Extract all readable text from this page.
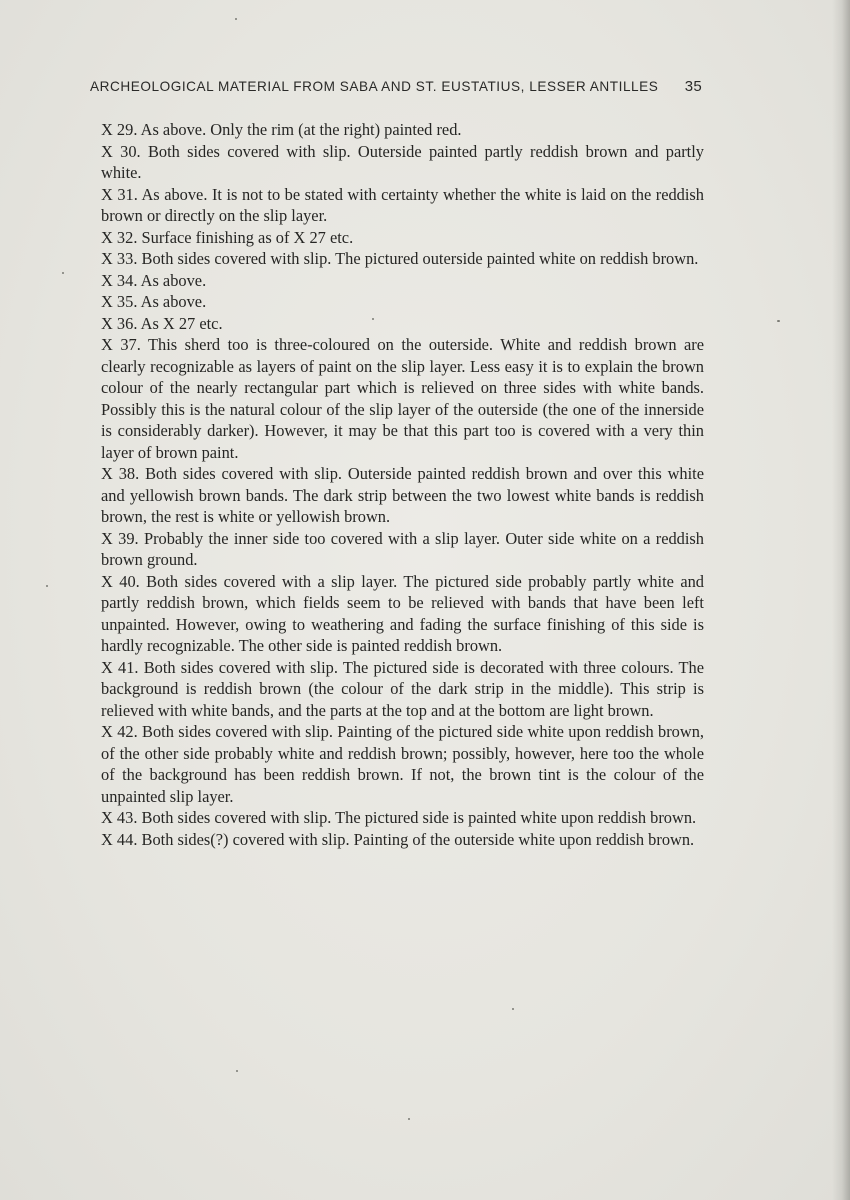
ARCHEOLOGICAL MATERIAL FROM SABA AND ST. EUSTATIUS, LESSER ANTILLES 35

X 29. As above. Only the rim (at the right) painted red.

X 30. Both sides covered with slip. Outerside painted partly reddish brown and partly white.

X 31. As above. It is not to be stated with certainty whether the white is laid on the reddish brown or directly on the slip layer.

X 32. Surface finishing as of X 27 etc.

X 33. Both sides covered with slip. The pictured outerside painted white on reddish brown.

X 34. As above.

X 35. As above.

X 36. As X 27 etc.

X 37. This sherd too is three-coloured on the outerside. White and reddish brown are clearly recognizable as layers of paint on the slip layer. Less easy it is to explain the brown colour of the nearly rectangular part which is relieved on three sides with white bands. Possibly this is the natural colour of the slip layer of the outerside (the one of the innerside is considerably darker). However, it may be that this part too is covered with a very thin layer of brown paint.

X 38. Both sides covered with slip. Outerside painted reddish brown and over this white and yellowish brown bands. The dark strip between the two lowest white bands is reddish brown, the rest is white or yellowish brown.

X 39. Probably the inner side too covered with a slip layer. Outer side white on a reddish brown ground.

X 40. Both sides covered with a slip layer. The pictured side probably partly white and partly reddish brown, which fields seem to be relieved with bands that have been left unpainted. However, owing to weathering and fading the surface finishing of this side is hardly recognizable. The other side is painted reddish brown.

X 41. Both sides covered with slip. The pictured side is decorated with three colours. The background is reddish brown (the colour of the dark strip in the middle). This strip is relieved with white bands, and the parts at the top and at the bottom are light brown.

X 42. Both sides covered with slip. Painting of the pictured side white upon reddish brown, of the other side probably white and reddish brown; possibly, however, here too the whole of the background has been reddish brown. If not, the brown tint is the colour of the unpainted slip layer.

X 43. Both sides covered with slip. The pictured side is painted white upon reddish brown.

X 44. Both sides(?) covered with slip. Painting of the outerside white upon reddish brown.
